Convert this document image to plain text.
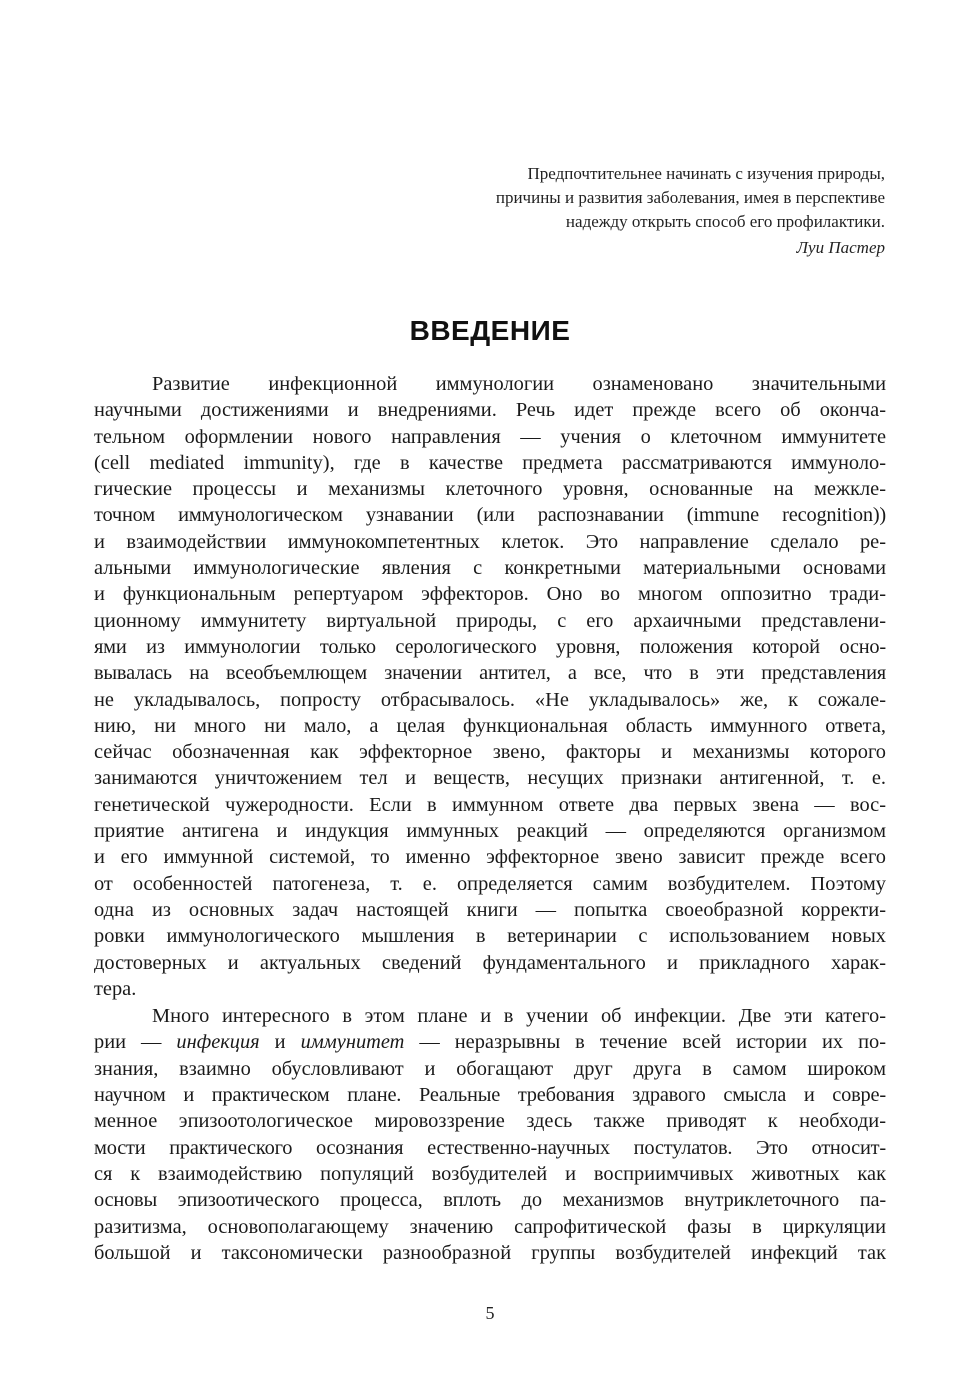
Предпочтительнее начинать с изучения природы,
причины и развития заболевания, имея в перспективе
надежду открыть способ его профилактики.
Луи Пастер
ВВЕДЕНИЕ
Развитие инфекционной иммунологии ознаменовано значительными
научными достижениями и внедрениями. Речь идет прежде всего об оконча-
тельном оформлении нового направления — учения о клеточном иммунитете
(cell mediated immunity), где в качестве предмета рассматриваются иммуноло-
гические процессы и механизмы клеточного уровня, основанные на межкле-
точном иммунологическом узнавании (или распознавании (immune recognition))
и взаимодействии иммунокомпетентных клеток. Это направление сделало ре-
альными иммунологические явления с конкретными материальными основами
и функциональным репертуаром эффекторов. Оно во многом оппозитно тради-
ционному иммунитету виртуальной природы, с его архаичными представлени-
ями из иммунологии только серологического уровня, положения которой осно-
вывалась на всеобъемлющем значении антител, а все, что в эти представления
не укладывалось, попросту отбрасывалось. «Не укладывалось» же, к сожале-
нию, ни много ни мало, а целая функциональная область иммунного ответа,
сейчас обозначенная как эффекторное звено, факторы и механизмы которого
занимаются уничтожением тел и веществ, несущих признаки антигенной, т. е.
генетической чужеродности. Если в иммунном ответе два первых звена — вос-
приятие антигена и индукция иммунных реакций — определяются организмом
и его иммунной системой, то именно эффекторное звено зависит прежде всего
от особенностей патогенеза, т. е. определяется самим возбудителем. Поэтому
одна из основных задач настоящей книги — попытка своеобразной корректи-
ровки иммунологического мышления в ветеринарии с использованием новых
достоверных и актуальных сведений фундаментального и прикладного харак-
тера.
Много интересного в этом плане и в учении об инфекции. Две эти катего-
рии — инфекция и иммунитет — неразрывны в течение всей истории их по-
знания, взаимно обусловливают и обогащают друг друга в самом широком
научном и практическом плане. Реальные требования здравого смысла и совре-
менное эпизоотологическое мировоззрение здесь также приводят к необходи-
мости практического осознания естественно-научных постулатов. Это относит-
ся к взаимодействию популяций возбудителей и восприимчивых животных как
основы эпизоотического процесса, вплоть до механизмов внутриклеточного па-
разитизма, основополагающему значению сапрофитической фазы в циркуляции
большой и таксономически разнообразной группы возбудителей инфекций так
5
